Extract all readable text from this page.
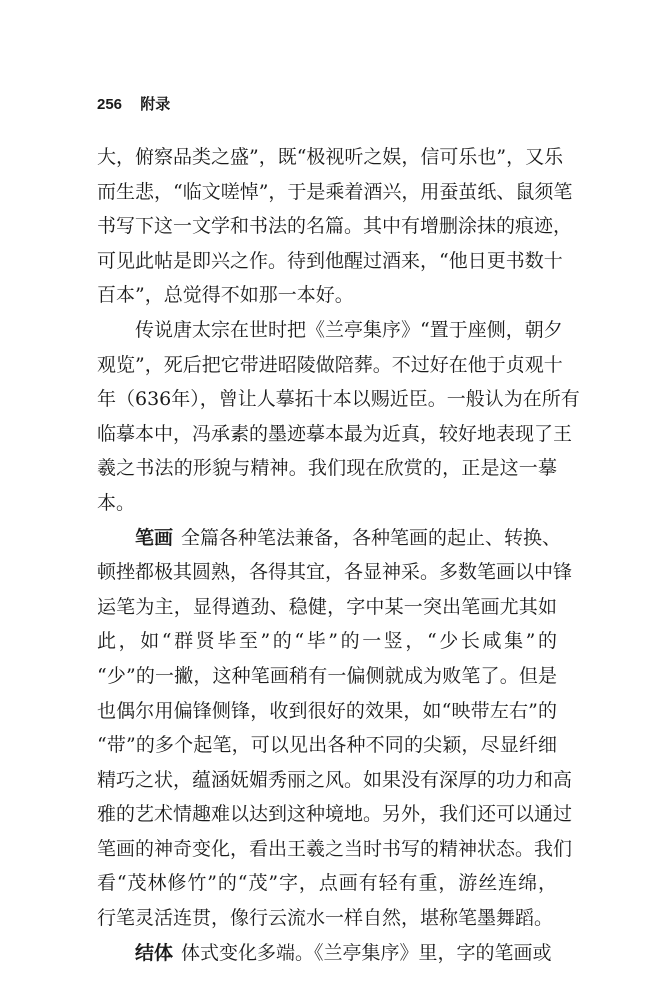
256 附录
大，俯察品类之盛”，既“极视听之娱，信可乐也”，又乐
而生悲，“临文嗟悼”，于是乘着酒兴，用蚕茧纸、鼠须笔
书写下这一文学和书法的名篇。其中有增删涂抹的痕迹，
可见此帖是即兴之作。待到他醒过酒来，“他日更书数十
百本”，总觉得不如那一本好。
传说唐太宗在世时把《兰亭集序》“置于座侧，朝夕
观览”，死后把它带进昭陵做陪葬。不过好在他于贞观十
年（636年），曾让人摹拓十本以赐近臣。一般认为在所有
临摹本中，冯承素的墨迹摹本最为近真，较好地表现了王
羲之书法的形貌与精神。我们现在欣赏的，正是这一摹
本。
笔画 全篇各种笔法兼备，各种笔画的起止、转换、
顿挫都极其圆熟，各得其宜，各显神采。多数笔画以中锋
运笔为主，显得遒劲、稳健，字中某一突出笔画尤其如
此，如“群贤毕至”的“毕”的一竖，“少长咸集”的
“少”的一撇，这种笔画稍有一偏侧就成为败笔了。但是
也偶尔用偏锋侧锋，收到很好的效果，如“映带左右”的
“带”的多个起笔，可以见出各种不同的尖颖，尽显纤细
精巧之状，蕴涵妩媚秀丽之风。如果没有深厚的功力和高
雅的艺术情趣难以达到这种境地。另外，我们还可以通过
笔画的神奇变化，看出王羲之当时书写的精神状态。我们
看“茂林修竹”的“茂”字，点画有轻有重，游丝连绵，
行笔灵活连贯，像行云流水一样自然，堪称笔墨舞蹈。
结体 体式变化多端。《兰亭集序》里，字的笔画或
